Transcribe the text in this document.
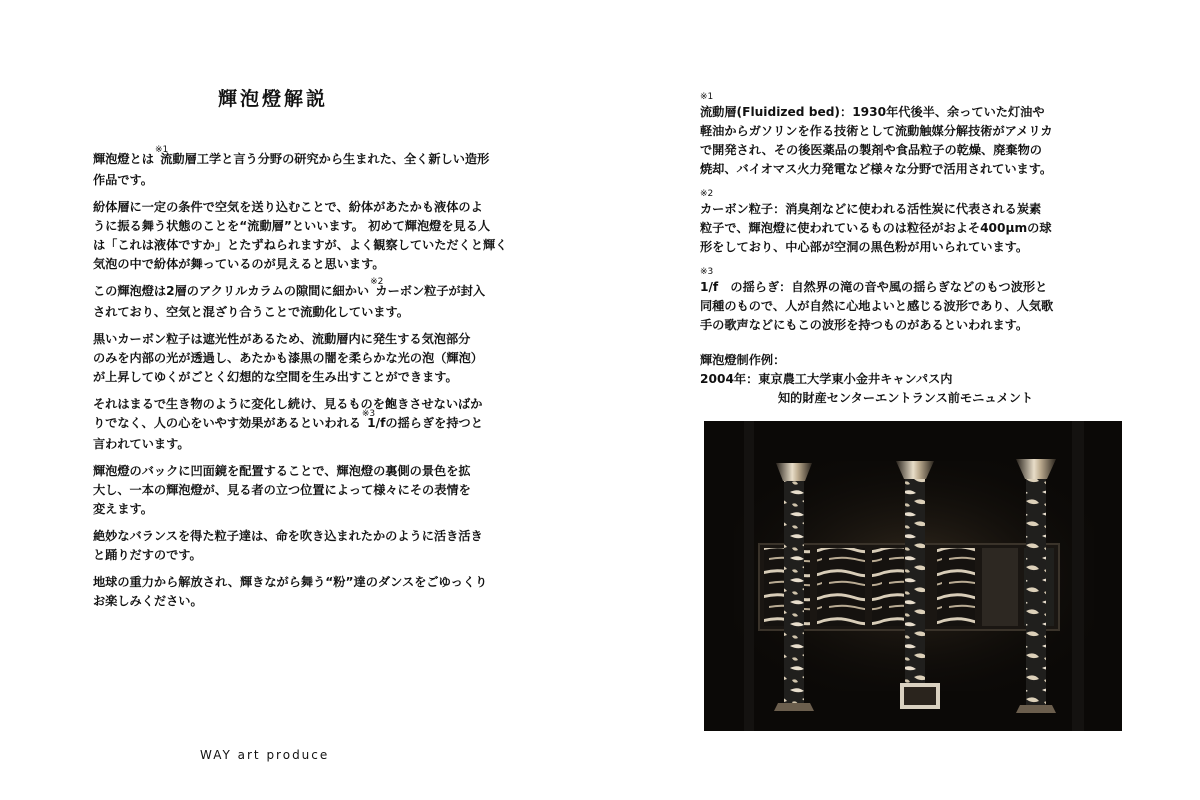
輝泡燈解説

輝泡燈とは$^{※1}$流動層工学と言う分野の研究から生まれた、全く新しい造形
作品です。

紛体層に一定の条件で空気を送り込むことで、紛体があたかも液体のよ
うに振る舞う状態のことを“流動層”といいます。 初めて輝泡燈を見る人
は「これは液体ですか」とたずねられますが、よく観察していただくと輝く
気泡の中で紛体が舞っているのが見えると思います。

この輝泡燈は2層のアクリルカラムの隙間に細かい$^{※2}$カーボン粒子が封入
されており、空気と混ざり合うことで流動化しています。

黒いカーボン粒子は遮光性があるため、流動層内に発生する気泡部分
のみを内部の光が透過し、あたかも漆黒の闇を柔らかな光の泡（輝泡）
が上昇してゆくがごとく幻想的な空間を生み出すことができます。

それはまるで生き物のように変化し続け、見るものを飽きさせないばか
りでなく、人の心をいやす効果があるといわれる$^{※3}$1/fの揺らぎを持つと
言われています。

輝泡燈のバックに凹面鏡を配置することで、輝泡燈の裏側の景色を拡
大し、一本の輝泡燈が、見る者の立つ位置によって様々にその表情を
変えます。

絶妙なバランスを得た粒子達は、命を吹き込まれたかのように活き活き
と踊りだすのです。

地球の重力から解放され、輝きながら舞う“粉”達のダンスをごゆっくり
お楽しみください。

WAY art produce
※1
流動層(Fluidized bed)：1930年代後半、余っていた灯油や
軽油からガソリンを作る技術として流動触媒分解技術がアメリカ
で開発され、その後医薬品の製剤や食品粒子の乾燥、廃棄物の
焼却、バイオマス火力発電など様々な分野で活用されています。
※2
カーボン粒子：消臭剤などに使われる活性炭に代表される炭素
粒子で、輝泡燈に使われているものは粒径がおよそ400μmの球
形をしており、中心部が空洞の黒色粉が用いられています。
※3
1/f　の揺らぎ：自然界の滝の音や風の揺らぎなどのもつ波形と
同種のもので、人が自然に心地よいと感じる波形であり、人気歌
手の歌声などにもこの波形を持つものがあるといわれます。
輝泡燈制作例：
2004年：東京農工大学東小金井キャンパス内
知的財産センターエントランス前モニュメント
